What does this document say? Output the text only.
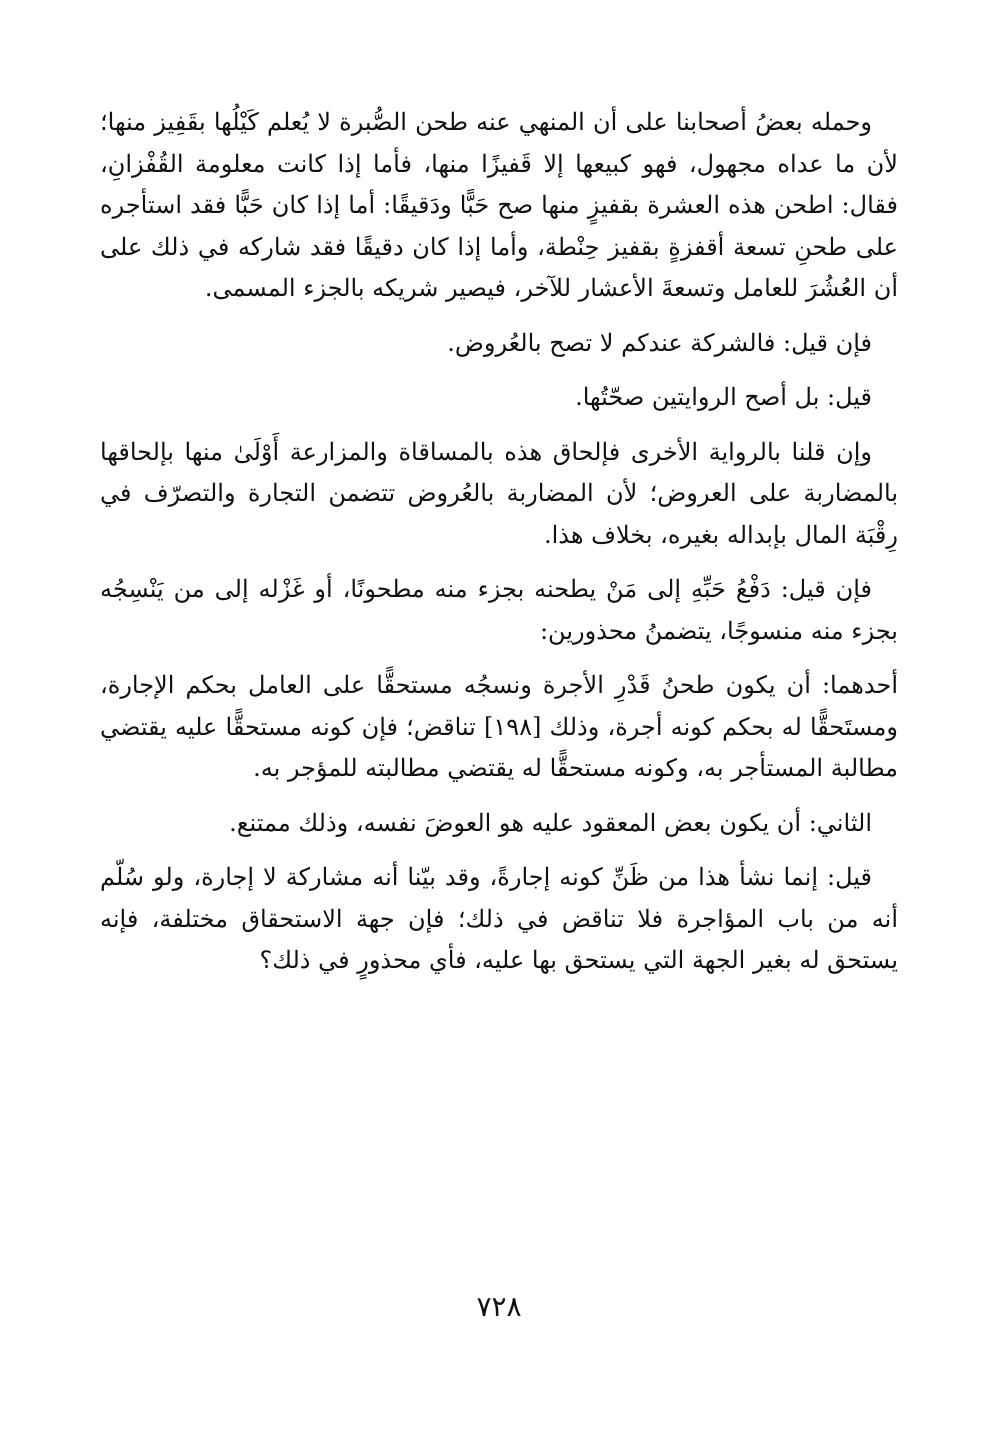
وحمله بعضُ أصحابنا على أن المنهي عنه طحن الصُّبرة لا يُعلم كَيْلُها بقَفِيز منها؛ لأن ما عداه مجهول، فهو كبيعها إلا قَفيزًا منها، فأما إذا كانت معلومة القُفْزانِ، فقال: اطحن هذه العشرة بقفيزٍ منها صح حَبًّا ودَقيقًا: أما إذا كان حَبًّا فقد استأجره على طحنِ تسعة أقفزةٍ بقفيز حِنْطة، وأما إذا كان دقيقًا فقد شاركه في ذلك على أن العُشُرَ للعامل وتسعةَ الأعشار للآخر، فيصير شريكه بالجزء المسمى.

فإن قيل: فالشركة عندكم لا تصح بالعُروض.

قيل: بل أصح الروايتين صحّتُها.

وإن قلنا بالرواية الأخرى فإلحاق هذه بالمساقاة والمزارعة أَوْلَىٰ منها بإلحاقها بالمضاربة على العروض؛ لأن المضاربة بالعُروض تتضمن التجارة والتصرّف في رِقْبَة المال بإبداله بغيره، بخلاف هذا.

فإن قيل: دَفْعُ حَبِّهِ إلى مَنْ يطحنه بجزء منه مطحونًا، أو غَزْله إلى من يَنْسِجُه بجزء منه منسوجًا، يتضمنُ محذورين:

أحدهما: أن يكون طحنُ قَدْرِ الأجرة ونسجُه مستحقًّا على العامل بحكم الإجارة، ومستَحقًّا له بحكم كونه أجرة، وذلك [١٩٨] تناقض؛ فإن كونه مستحقًّا عليه يقتضي مطالبة المستأجر به، وكونه مستحقًّا له يقتضي مطالبته للمؤجر به.

الثاني: أن يكون بعض المعقود عليه هو العوضَ نفسه، وذلك ممتنع.

قيل: إنما نشأ هذا من ظَنِّ كونه إجارةً، وقد بيّنا أنه مشاركة لا إجارة، ولو سُلّم أنه من باب المؤاجرة فلا تناقض في ذلك؛ فإن جهة الاستحقاق مختلفة، فإنه يستحق له بغير الجهة التي يستحق بها عليه، فأي محذورٍ في ذلك؟

٧٢٨
